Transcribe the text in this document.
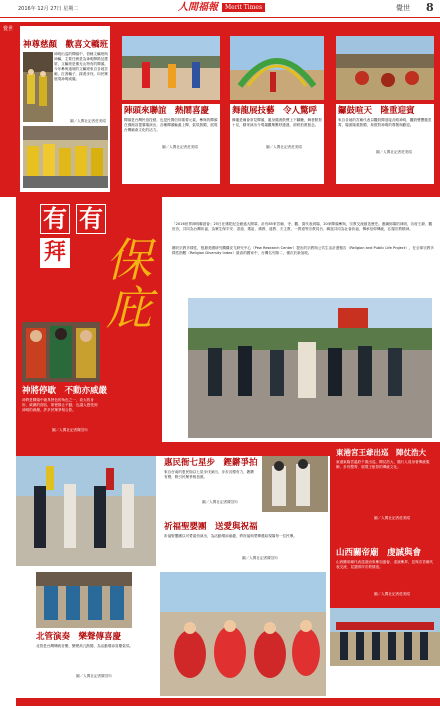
2016年 12月 27日 星期二	人間福報	Merit Times	覺世 8
覺世
神尊慈顏　歡喜文轎班
神明出巡的陣頭中，俗稱文轎班與神轎，主要任務是為神明開路及護駕，文轎班是佛光山特有的陣頭。今年參與遶境的文轎班來自各地宮廟，扛著轎子，踩著步伐，向民眾展現神明威儀。
圖／人間社記者莊美昭
陣頭來聯誼　熱鬧喜慶
陣頭是台灣民俗技藝，也是民間信仰重要元素，參與的陣頭在佛館菩提廣場演出，各種陣頭輪番上陣，氣氛熱鬧，展現台灣廟會文化的活力。
圖／人間社記者莊美昭
舞龍展技藝　令人驚呼
舞龍是廟會常見陣頭，龍身隨著鼓聲上下翻騰，舞者默契十足，精采演出令現場觀眾驚呼連連，紛紛拍照留念。
圖／人間社記者莊美昭
鑼鼓喧天　隆重迎賓
來自各地的宮廟代表以鑼鼓陣迎接各路神明，鑼鼓聲響徹雲霄，場面隆重熱鬧，象徵對神明的尊敬與歡迎。
圖／人間社記者莊美昭
有 有
拜 保庇
「2016世界神明聯誼會」25日在佛陀紀念館盛大開幕，計有85家宮廟、寺、觀、齋代表到場，20家陣頭參與，宗教交流創造歷史。連續到場的神明，各府王爺、觀世音，共同為台灣祈福，為眾生保平安；香道、媽祖、佛教、道教、天主教，一貫道等宗教同台，聯誼共同為社會祈福，傳承信仰傳統，弘揚宗教精神。
關於宗教多樣性，根據美國研究機構皮尤研究中心（Pew Research Center）提出的宗教與公共生活計畫報告（Religion and Public Life Project），在全球宗教多樣性指數（Religion Diversity Index）最高的國家中，台灣名列第二，僅次於新加坡。
神將停歇　不動亦威嚴
神將是陣頭中最具特色的角色之一，高大的身形、威嚴的面容，即使靜止不動，也讓人感受到神明的威嚴，許多民眾爭相合影。
圖／人間社記者陳昱吟
惠民衙七星步　鏗鏘爭拍
來自台南的惠民衙以七星步伐演出，步步沉穩有力，鏗鏘有聲，吸引民眾爭相拍照。
圖／人間社記者陳昱吟
祈福聖嬰團　送愛與祝福
祈福聖嬰團以可愛裝扮演出，為活動增添童趣，將祝福與愛傳遞給現場每一位民眾。
圖／人間社記者陳昱吟
東港宮王爺出巡　陣仗浩大
東港東隆宮溫府千歲出巡，陣仗浩大，隨行人員身著傳統服飾，步伐整齊，展現王船祭的傳統文化。
圖／人間社記者莊美昭
山西關帝廟　虔誠與會
山西關帝廟代表遠道而來參加盛會，虔誠參拜，並與各宮廟代表交流，見證兩岸宗教情誼。
圖／人間社記者莊美昭
北管演奏　樂聲傳喜慶
北管是台灣傳統音樂，樂聲高亢熱鬧，為活動增添喜慶氣氛。
圖／人間社記者陳昱吟
